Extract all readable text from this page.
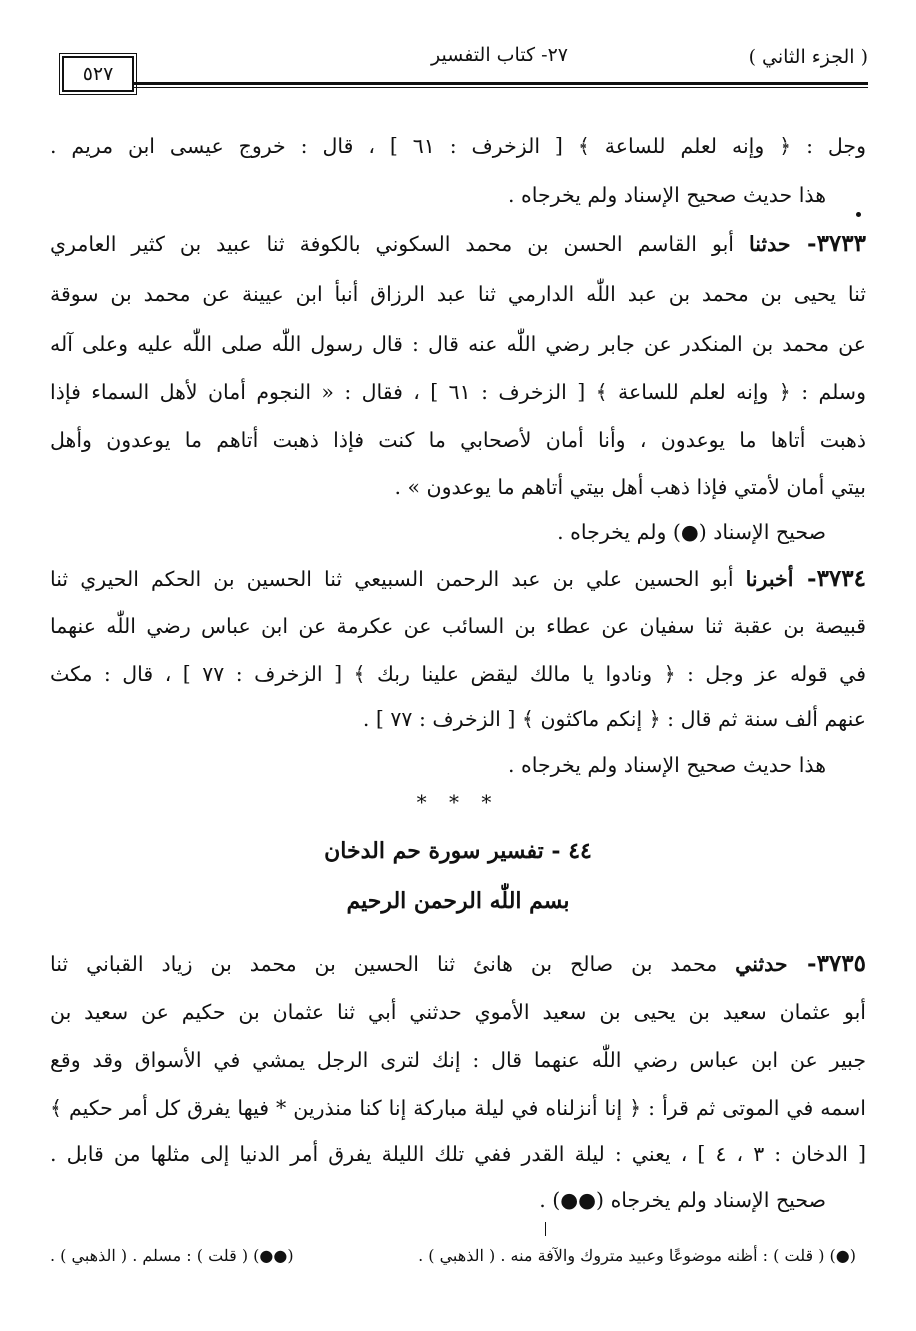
( الجزء الثاني )
٢٧- كتاب التفسير
٥٢٧
وجل : ﴿ وإنه لعلم للساعة ﴾ [ الزخرف : ٦١ ] ، قال : خروج عيسى ابن مريم .
هذا حديث صحيح الإسناد ولم يخرجاه .
٣٧٣٣- حدثنا أبو القاسم الحسن بن محمد السكوني بالكوفة ثنا عبيد بن كثير العامري
ثنا يحيى بن محمد بن عبد اللّٰه الدارمي ثنا عبد الرزاق أنبأ ابن عيينة عن محمد بن سوقة
عن محمد بن المنكدر عن جابر رضي اللّٰه عنه قال : قال رسول اللّٰه صلى اللّٰه عليه وعلى آله
وسلم : ﴿ وإنه لعلم للساعة ﴾ [ الزخرف : ٦١ ] ، فقال : « النجوم أمان لأهل السماء فإذا
ذهبت أتاها ما يوعدون ، وأنا أمان لأصحابي ما كنت فإذا ذهبت أتاهم ما يوعدون وأهل
بيتي أمان لأمتي فإذا ذهب أهل بيتي أتاهم ما يوعدون » .
صحيح الإسناد (●) ولم يخرجاه .
٣٧٣٤- أخبرنا أبو الحسين علي بن عبد الرحمن السبيعي ثنا الحسين بن الحكم الحيري ثنا
قبيصة بن عقبة ثنا سفيان عن عطاء بن السائب عن عكرمة عن ابن عباس رضي اللّٰه عنهما
في قوله عز وجل : ﴿ ونادوا يا مالك ليقض علينا ربك ﴾ [ الزخرف : ٧٧ ] ، قال : مكث
عنهم ألف سنة ثم قال : ﴿ إنكم ماكثون ﴾ [ الزخرف : ٧٧ ] .
هذا حديث صحيح الإسناد ولم يخرجاه .
* * *
٤٤ - تفسير سورة حم الدخان
بسم اللّٰه الرحمن الرحيم
٣٧٣٥- حدثني محمد بن صالح بن هانئ ثنا الحسين بن محمد بن زياد القباني ثنا
أبو عثمان سعيد بن يحيى بن سعيد الأموي حدثني أبي ثنا عثمان بن حكيم عن سعيد بن
جبير عن ابن عباس رضي اللّٰه عنهما قال : إنك لترى الرجل يمشي في الأسواق وقد وقع
اسمه في الموتى ثم قرأ : ﴿ إنا أنزلناه في ليلة مباركة إنا كنا منذرين * فيها يفرق كل أمر حكيم ﴾
[ الدخان : ٣ ، ٤ ] ، يعني : ليلة القدر ففي تلك الليلة يفرق أمر الدنيا إلى مثلها من قابل .
صحيح الإسناد ولم يخرجاه (●●) .
(●) ( قلت ) : أظنه موضوعًا وعبيد متروك والآفة منه . ( الذهبي ) .
(●●) ( قلت ) : مسلم . ( الذهبي ) .
